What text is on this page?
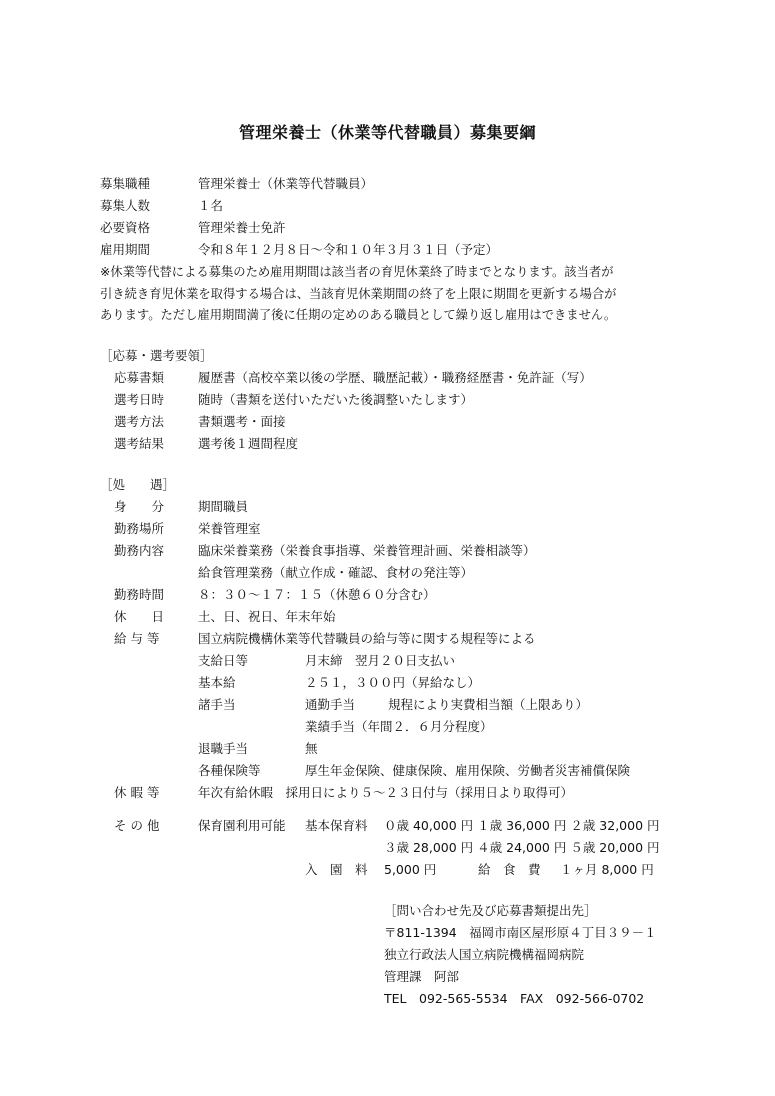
管理栄養士（休業等代替職員）募集要綱
募集職種	管理栄養士（休業等代替職員）
募集人数	１名
必要資格	管理栄養士免許
雇用期間	令和８年１２月８日～令和１０年３月３１日（予定）
※休業等代替による募集のため雇用期間は該当者の育児休業終了時までとなります。該当者が
引き続き育児休業を取得する場合は、当該育児休業期間の終了を上限に期間を更新する場合が
あります。ただし雇用期間満了後に任期の定めのある職員として繰り返し雇用はできません。
［応募・選考要領］
応募書類	履歴書（高校卒業以後の学歴、職歴記載）・職務経歴書・免許証（写）
選考日時	随時（書類を送付いただいた後調整いたします）
選考方法	書類選考・面接
選考結果	選考後１週間程度
［処　　遇］
身　　分	期間職員
勤務場所	栄養管理室
勤務内容	臨床栄養業務（栄養食事指導、栄養管理計画、栄養相談等）
給食管理業務（献立作成・確認、食材の発注等）
勤務時間	８：３０～１７：１５（休憩６０分含む）
休　　日	土、日、祝日、年末年始
給 与 等	国立病院機構休業等代替職員の給与等に関する規程等による
支給日等	月末締　翌月２０日支払い
基本給	２５１，３００円（昇給なし）
諸手当	通勤手当	規程により実費相当額（上限あり）
業績手当（年間２．６月分程度）
退職手当	無
各種保険等	厚生年金保険、健康保険、雇用保険、労働者災害補償保険
休 暇 等	年次有給休暇　採用日により５～２３日付与（採用日より取得可）
そ の 他	保育園利用可能 基本保育料 ０歳 40,000 円 １歳 36,000 円 ２歳 32,000 円
３歳 28,000 円 ４歳 24,000 円 ５歳 20,000 円
入　園　料 5,000 円	給　食　費 １ヶ月 8,000 円
［問い合わせ先及び応募書類提出先］
〒811-1394　福岡市南区屋形原４丁目３９－１
独立行政法人国立病院機構福岡病院
管理課　阿部
TEL　092-565-5534　FAX　092-566-0702
